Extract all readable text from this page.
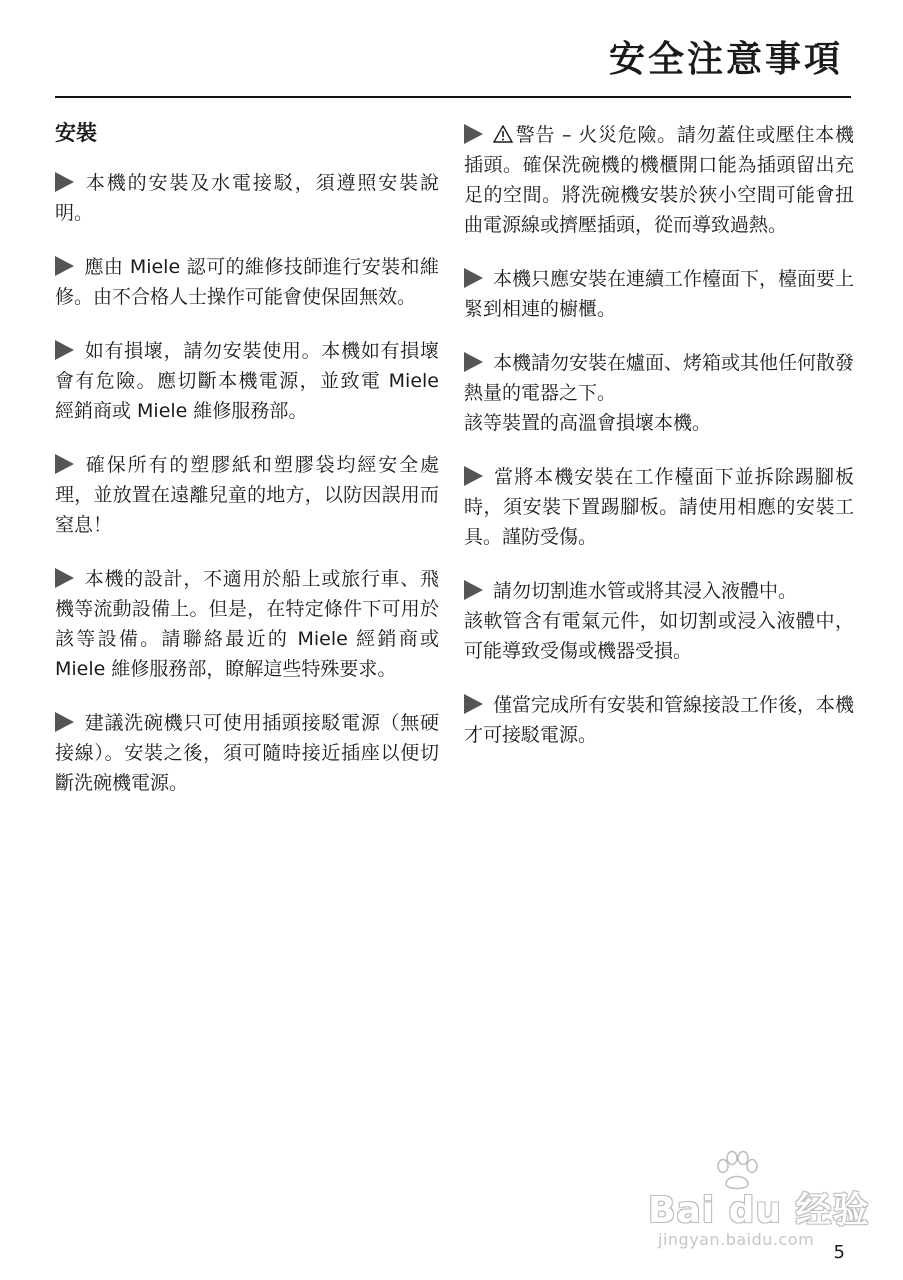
安全注意事項
安裝

本機的安裝及水電接駁，須遵照安裝說明。

應由 Miele 認可的維修技師進行安裝和維修。由不合格人士操作可能會使保固無效。

如有損壞，請勿安裝使用。本機如有損壞會有危險。應切斷本機電源，並致電 Miele 經銷商或 Miele 維修服務部。

確保所有的塑膠紙和塑膠袋均經安全處理，並放置在遠離兒童的地方，以防因誤用而窒息！

本機的設計，不適用於船上或旅行車、飛機等流動設備上。但是，在特定條件下可用於該等設備。請聯絡最近的 Miele 經銷商或 Miele 維修服務部，瞭解這些特殊要求。

建議洗碗機只可使用插頭接駁電源（無硬接線）。安裝之後，須可隨時接近插座以便切斷洗碗機電源。

警告 – 火災危險。請勿蓋住或壓住本機插頭。確保洗碗機的機櫃開口能為插頭留出充足的空間。將洗碗機安裝於狹小空間可能會扭曲電源線或擠壓插頭，從而導致過熱。

本機只應安裝在連續工作檯面下，檯面要上緊到相連的櫥櫃。

本機請勿安裝在爐面、烤箱或其他任何散發熱量的電器之下。
該等裝置的高溫會損壞本機。

當將本機安裝在工作檯面下並拆除踢腳板時，須安裝下置踢腳板。請使用相應的安裝工具。謹防受傷。

請勿切割進水管或將其浸入液體中。
該軟管含有電氣元件，如切割或浸入液體中，可能導致受傷或機器受損。

僅當完成所有安裝和管線接設工作後，本機才可接駁電源。

Bai du 经验
jingyan.baidu.com
5
